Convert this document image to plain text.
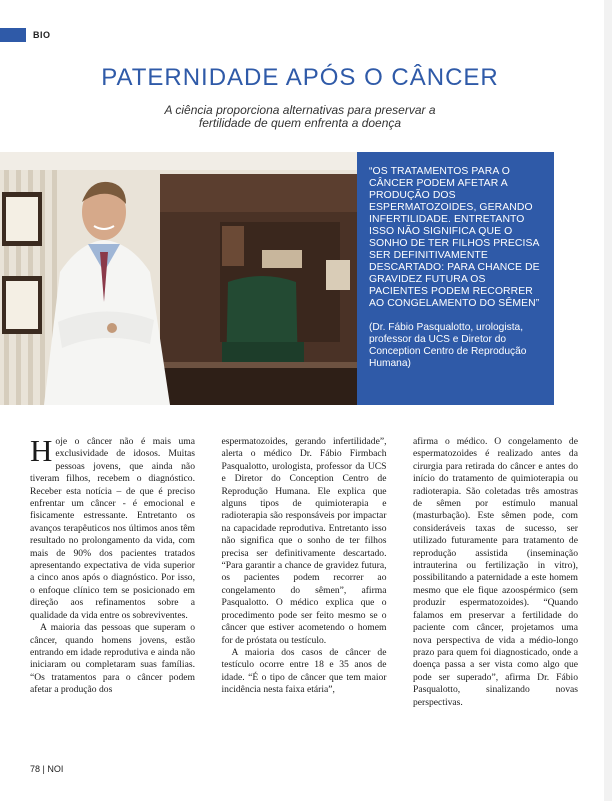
BIO
PATERNIDADE APÓS O CÂNCER
A ciência proporciona alternativas para preservar a
fertilidade de quem enfrenta a doença
“OS TRATAMENTOS PARA O CÂNCER PODEM AFETAR A PRODUÇÃO DOS ESPERMATOZOIDES, GERANDO INFERTILIDADE. ENTRETANTO ISSO NÃO SIGNIFICA QUE O SONHO DE TER FILHOS PRECISA SER DEFINITIVAMENTE DESCARTADO: PARA CHANCE DE GRAVIDEZ FUTURA OS PACIENTES PODEM RECORRER AO CONGELAMENTO DO SÊMEN”
(Dr. Fábio Pasqualotto, urologista, professor da UCS e Diretor do Conception Centro de Reprodução Humana)

Hoje o câncer não é mais uma exclusividade de idosos. Muitas pessoas jovens, que ainda não tiveram filhos, recebem o diagnóstico. Receber esta notícia – de que é preciso enfrentar um câncer - é emocional e fisicamente estressante. Entretanto os avanços terapêuticos nos últimos anos têm resultado no prolongamento da vida, com mais de 90% dos pacientes tratados apresentando expectativa de vida superior a cinco anos após o diagnóstico. Por isso, o enfoque clínico tem se posicionado em direção aos refinamentos sobre a qualidade da vida entre os sobreviventes.

A maioria das pessoas que superam o câncer, quando homens jovens, estão entrando em idade reprodutiva e ainda não iniciaram ou completaram suas famílias. “Os tratamentos para o câncer podem afetar a produção dos

espermatozoides, gerando infertilidade”, alerta o médico Dr. Fábio Firmbach Pasqualotto, urologista, professor da UCS e Diretor do Conception Centro de Reprodução Humana. Ele explica que alguns tipos de quimioterapia e radioterapia são responsáveis por impactar na capacidade reprodutiva. Entretanto isso não significa que o sonho de ter filhos precisa ser definitivamente descartado. “Para garantir a chance de gravidez futura, os pacientes podem recorrer ao congelamento do sêmen”, afirma Pasqualotto. O médico explica que o procedimento pode ser feito mesmo se o câncer que estiver acometendo o homem for de próstata ou testículo.

A maioria dos casos de câncer de testículo ocorre entre 18 e 35 anos de idade. “É o tipo de câncer que tem maior incidência nesta faixa etária”,

afirma o médico. O congelamento de espermatozoides é realizado antes da cirurgia para retirada do câncer e antes do início do tratamento de quimioterapia ou radioterapia. São coletadas três amostras de sêmen por estímulo manual (masturbação). Este sêmen pode, com consideráveis taxas de sucesso, ser utilizado futuramente para tratamento de reprodução assistida (inseminação intrauterina ou fertilização in vitro), possibilitando a paternidade a este homem mesmo que ele fique azoospérmico (sem produzir espermatozoides). “Quando falamos em preservar a fertilidade do paciente com câncer, projetamos uma nova perspectiva de vida a médio-longo prazo para quem foi diagnosticado, onde a doença passa a ser vista como algo que pode ser superado”, afirma Dr. Fábio Pasqualotto, sinalizando novas perspectivas.

78 | NOI
